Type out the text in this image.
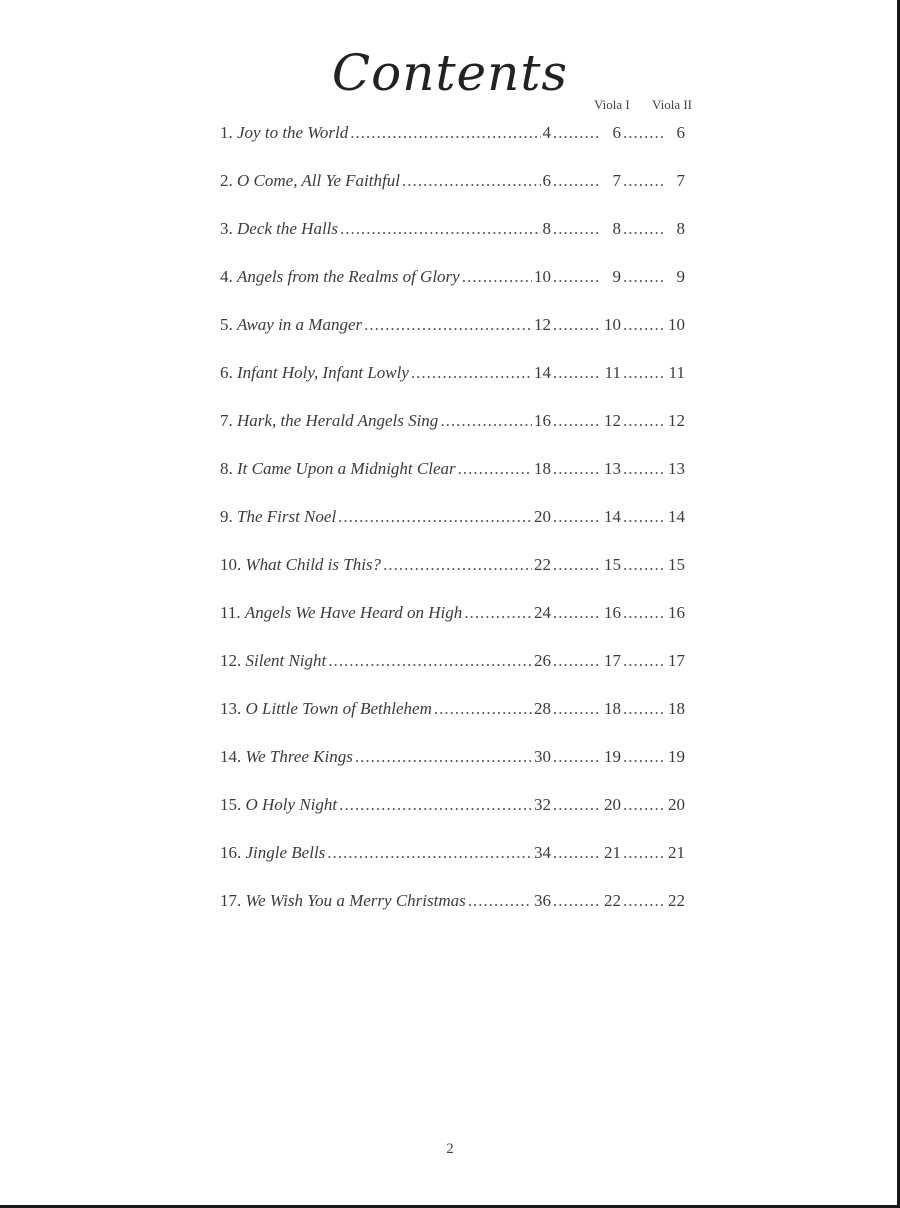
Contents
Viola I Viola II
1. Joy to the World .....	4 .....	6 .....	6
2. O Come, All Ye Faithful .....	6 .....	7 .....	7
3. Deck the Halls .....	8 .....	8 .....	8
4. Angels from the Realms of Glory .....	10 .....	9 .....	9
5. Away in a Manger .....	12 .....	10 .....	10
6. Infant Holy, Infant Lowly .....	14 .....	11 .....	11
7. Hark, the Herald Angels Sing .....	16 .....	12 .....	12
8. It Came Upon a Midnight Clear .....	18 .....	13 .....	13
9. The First Noel .....	20 .....	14 .....	14
10. What Child is This? .....	22 .....	15 .....	15
11. Angels We Have Heard on High .....	24 .....	16 .....	16
12. Silent Night .....	26 .....	17 .....	17
13. O Little Town of Bethlehem .....	28 .....	18 .....	18
14. We Three Kings .....	30 .....	19 .....	19
15. O Holy Night .....	32 .....	20 .....	20
16. Jingle Bells .....	34 .....	21 .....	21
17. We Wish You a Merry Christmas .....	36 .....	22 .....	22
2
